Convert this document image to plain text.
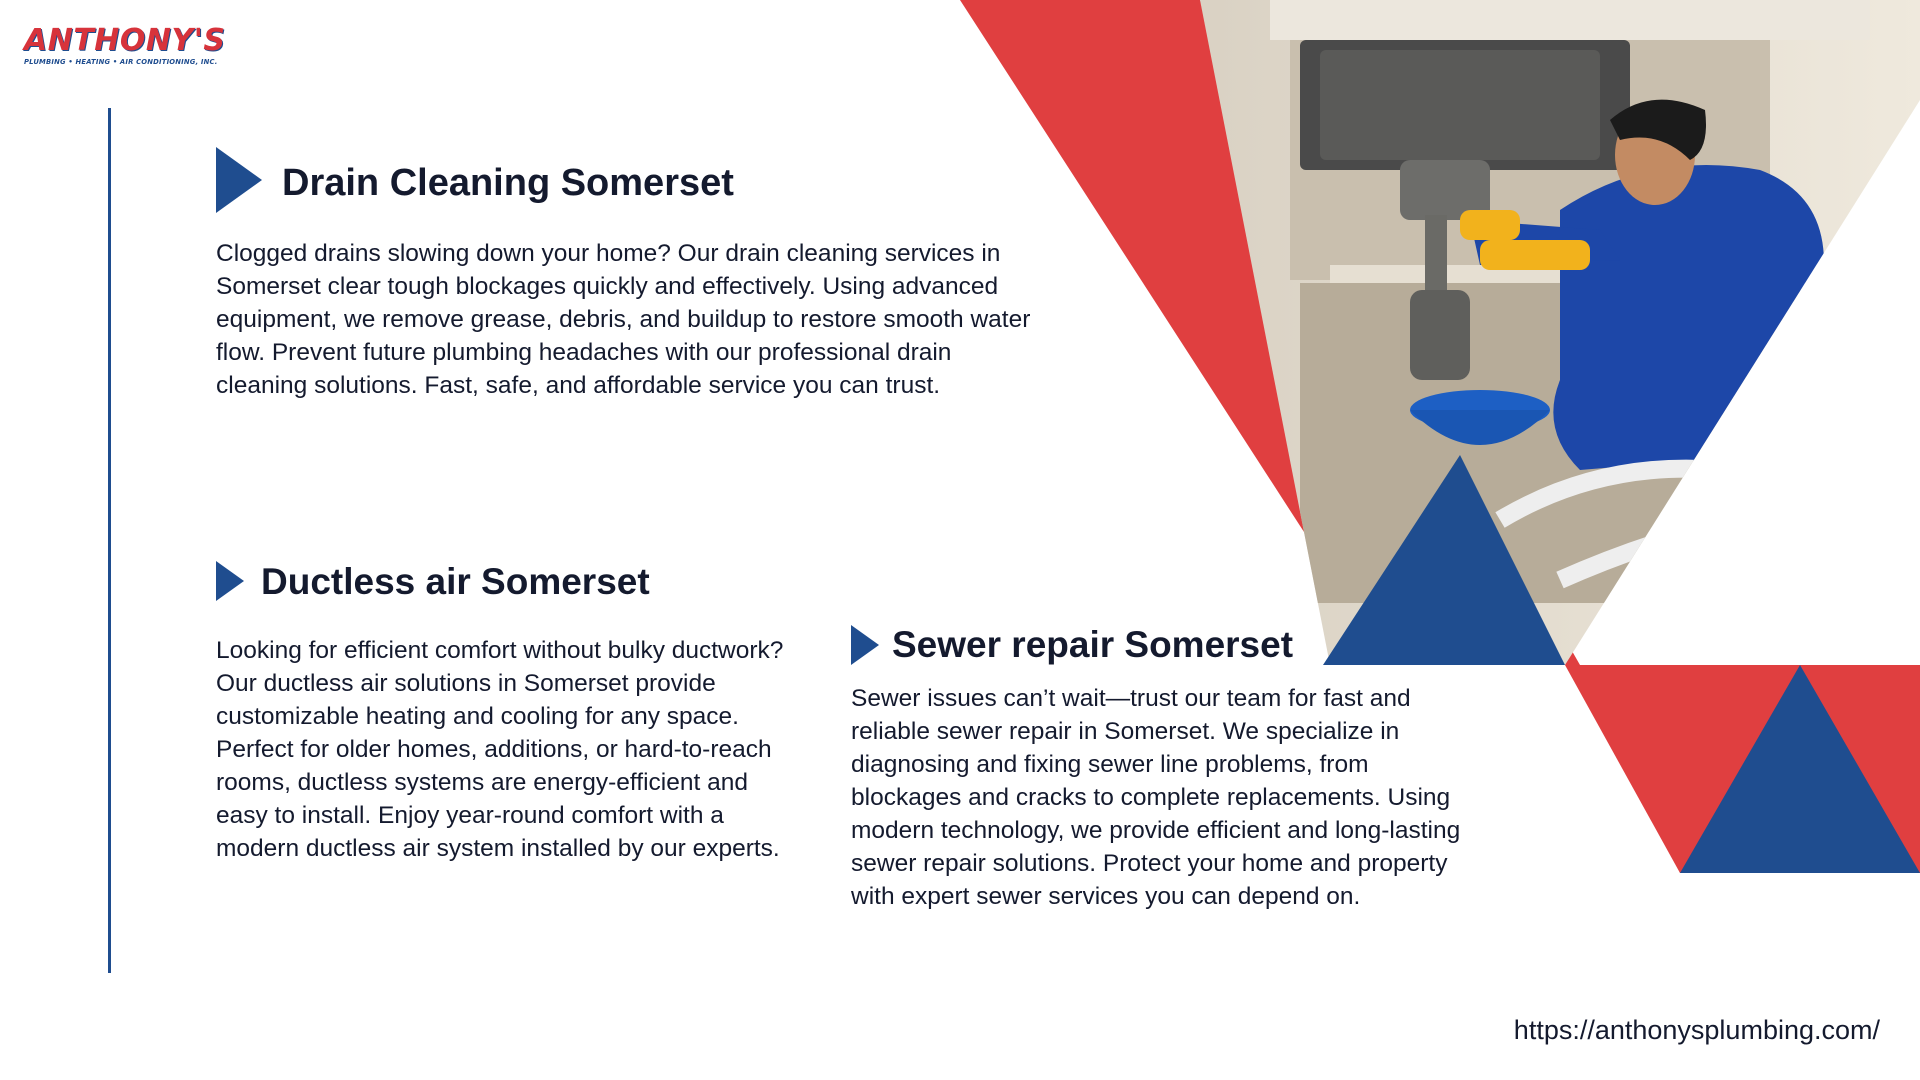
ANTHONY'S
PLUMBING • HEATING • AIR CONDITIONING, INC.
Drain Cleaning Somerset
Clogged drains slowing down your home? Our drain cleaning services in Somerset clear tough blockages quickly and effectively. Using advanced equipment, we remove grease, debris, and buildup to restore smooth water flow. Prevent future plumbing headaches with our professional drain cleaning solutions. Fast, safe, and affordable service you can trust.
Ductless air Somerset
Looking for efficient comfort without bulky ductwork? Our ductless air solutions in Somerset provide customizable heating and cooling for any space. Perfect for older homes, additions, or hard-to-reach rooms, ductless systems are energy-efficient and easy to install. Enjoy year-round comfort with a modern ductless air system installed by our experts.
Sewer repair Somerset
Sewer issues can’t wait—trust our team for fast and reliable sewer repair in Somerset. We specialize in diagnosing and fixing sewer line problems, from blockages and cracks to complete replacements. Using modern technology, we provide efficient and long-lasting sewer repair solutions. Protect your home and property with expert sewer services you can depend on.
https://anthonysplumbing.com/
